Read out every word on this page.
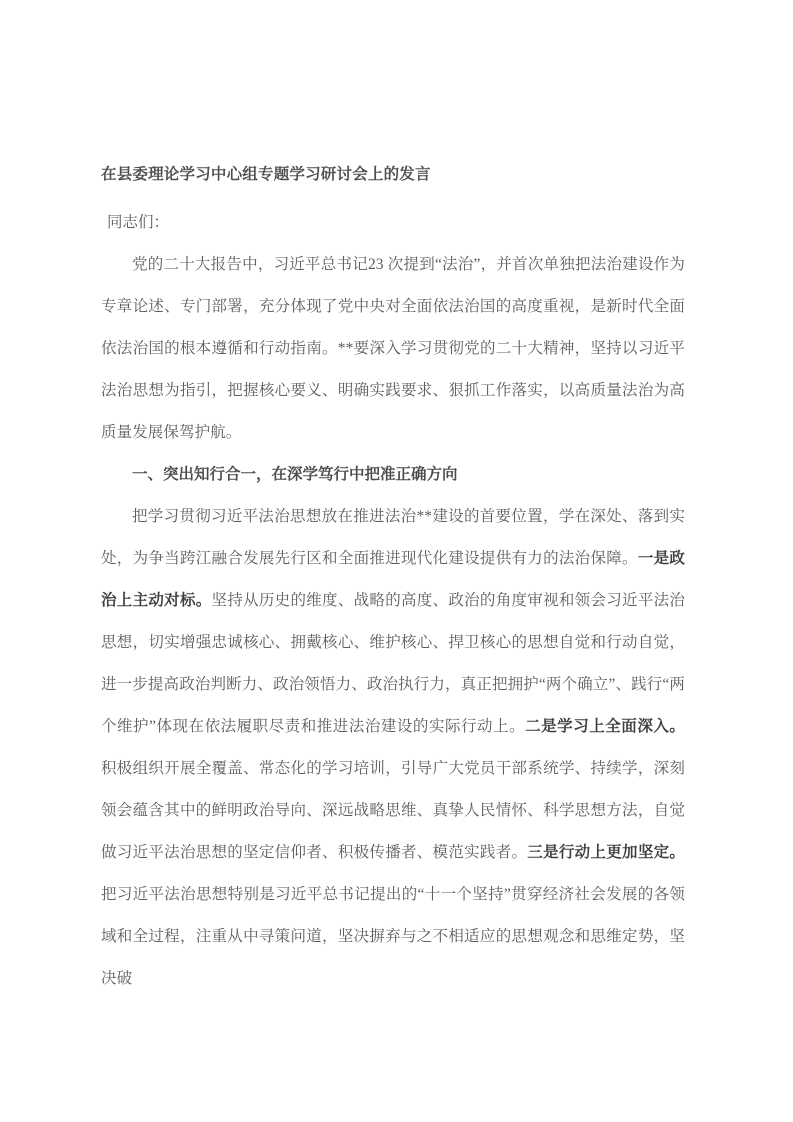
在县委理论学习中心组专题学习研讨会上的发言

同志们：

党的二十大报告中，习近平总书记23 次提到“法治”，并首次单独把法治建设作为专章论述、专门部署，充分体现了党中央对全面依法治国的高度重视，是新时代全面依法治国的根本遵循和行动指南。**要深入学习贯彻党的二十大精神，坚持以习近平法治思想为指引，把握核心要义、明确实践要求、狠抓工作落实，以高质量法治为高质量发展保驾护航。

一、突出知行合一，在深学笃行中把准正确方向

把学习贯彻习近平法治思想放在推进法治**建设的首要位置，学在深处、落到实处，为争当跨江融合发展先行区和全面推进现代化建设提供有力的法治保障。一是政治上主动对标。坚持从历史的维度、战略的高度、政治的角度审视和领会习近平法治思想，切实增强忠诚核心、拥戴核心、维护核心、捍卫核心的思想自觉和行动自觉，进一步提高政治判断力、政治领悟力、政治执行力，真正把拥护“两个确立”、践行“两个维护”体现在依法履职尽责和推进法治建设的实际行动上。二是学习上全面深入。积极组织开展全覆盖、常态化的学习培训，引导广大党员干部系统学、持续学，深刻领会蕴含其中的鲜明政治导向、深远战略思维、真挚人民情怀、科学思想方法，自觉做习近平法治思想的坚定信仰者、积极传播者、模范实践者。三是行动上更加坚定。把习近平法治思想特别是习近平总书记提出的“十一个坚持”贯穿经济社会发展的各领域和全过程，注重从中寻策问道，坚决摒弃与之不相适应的思想观念和思维定势，坚决破
